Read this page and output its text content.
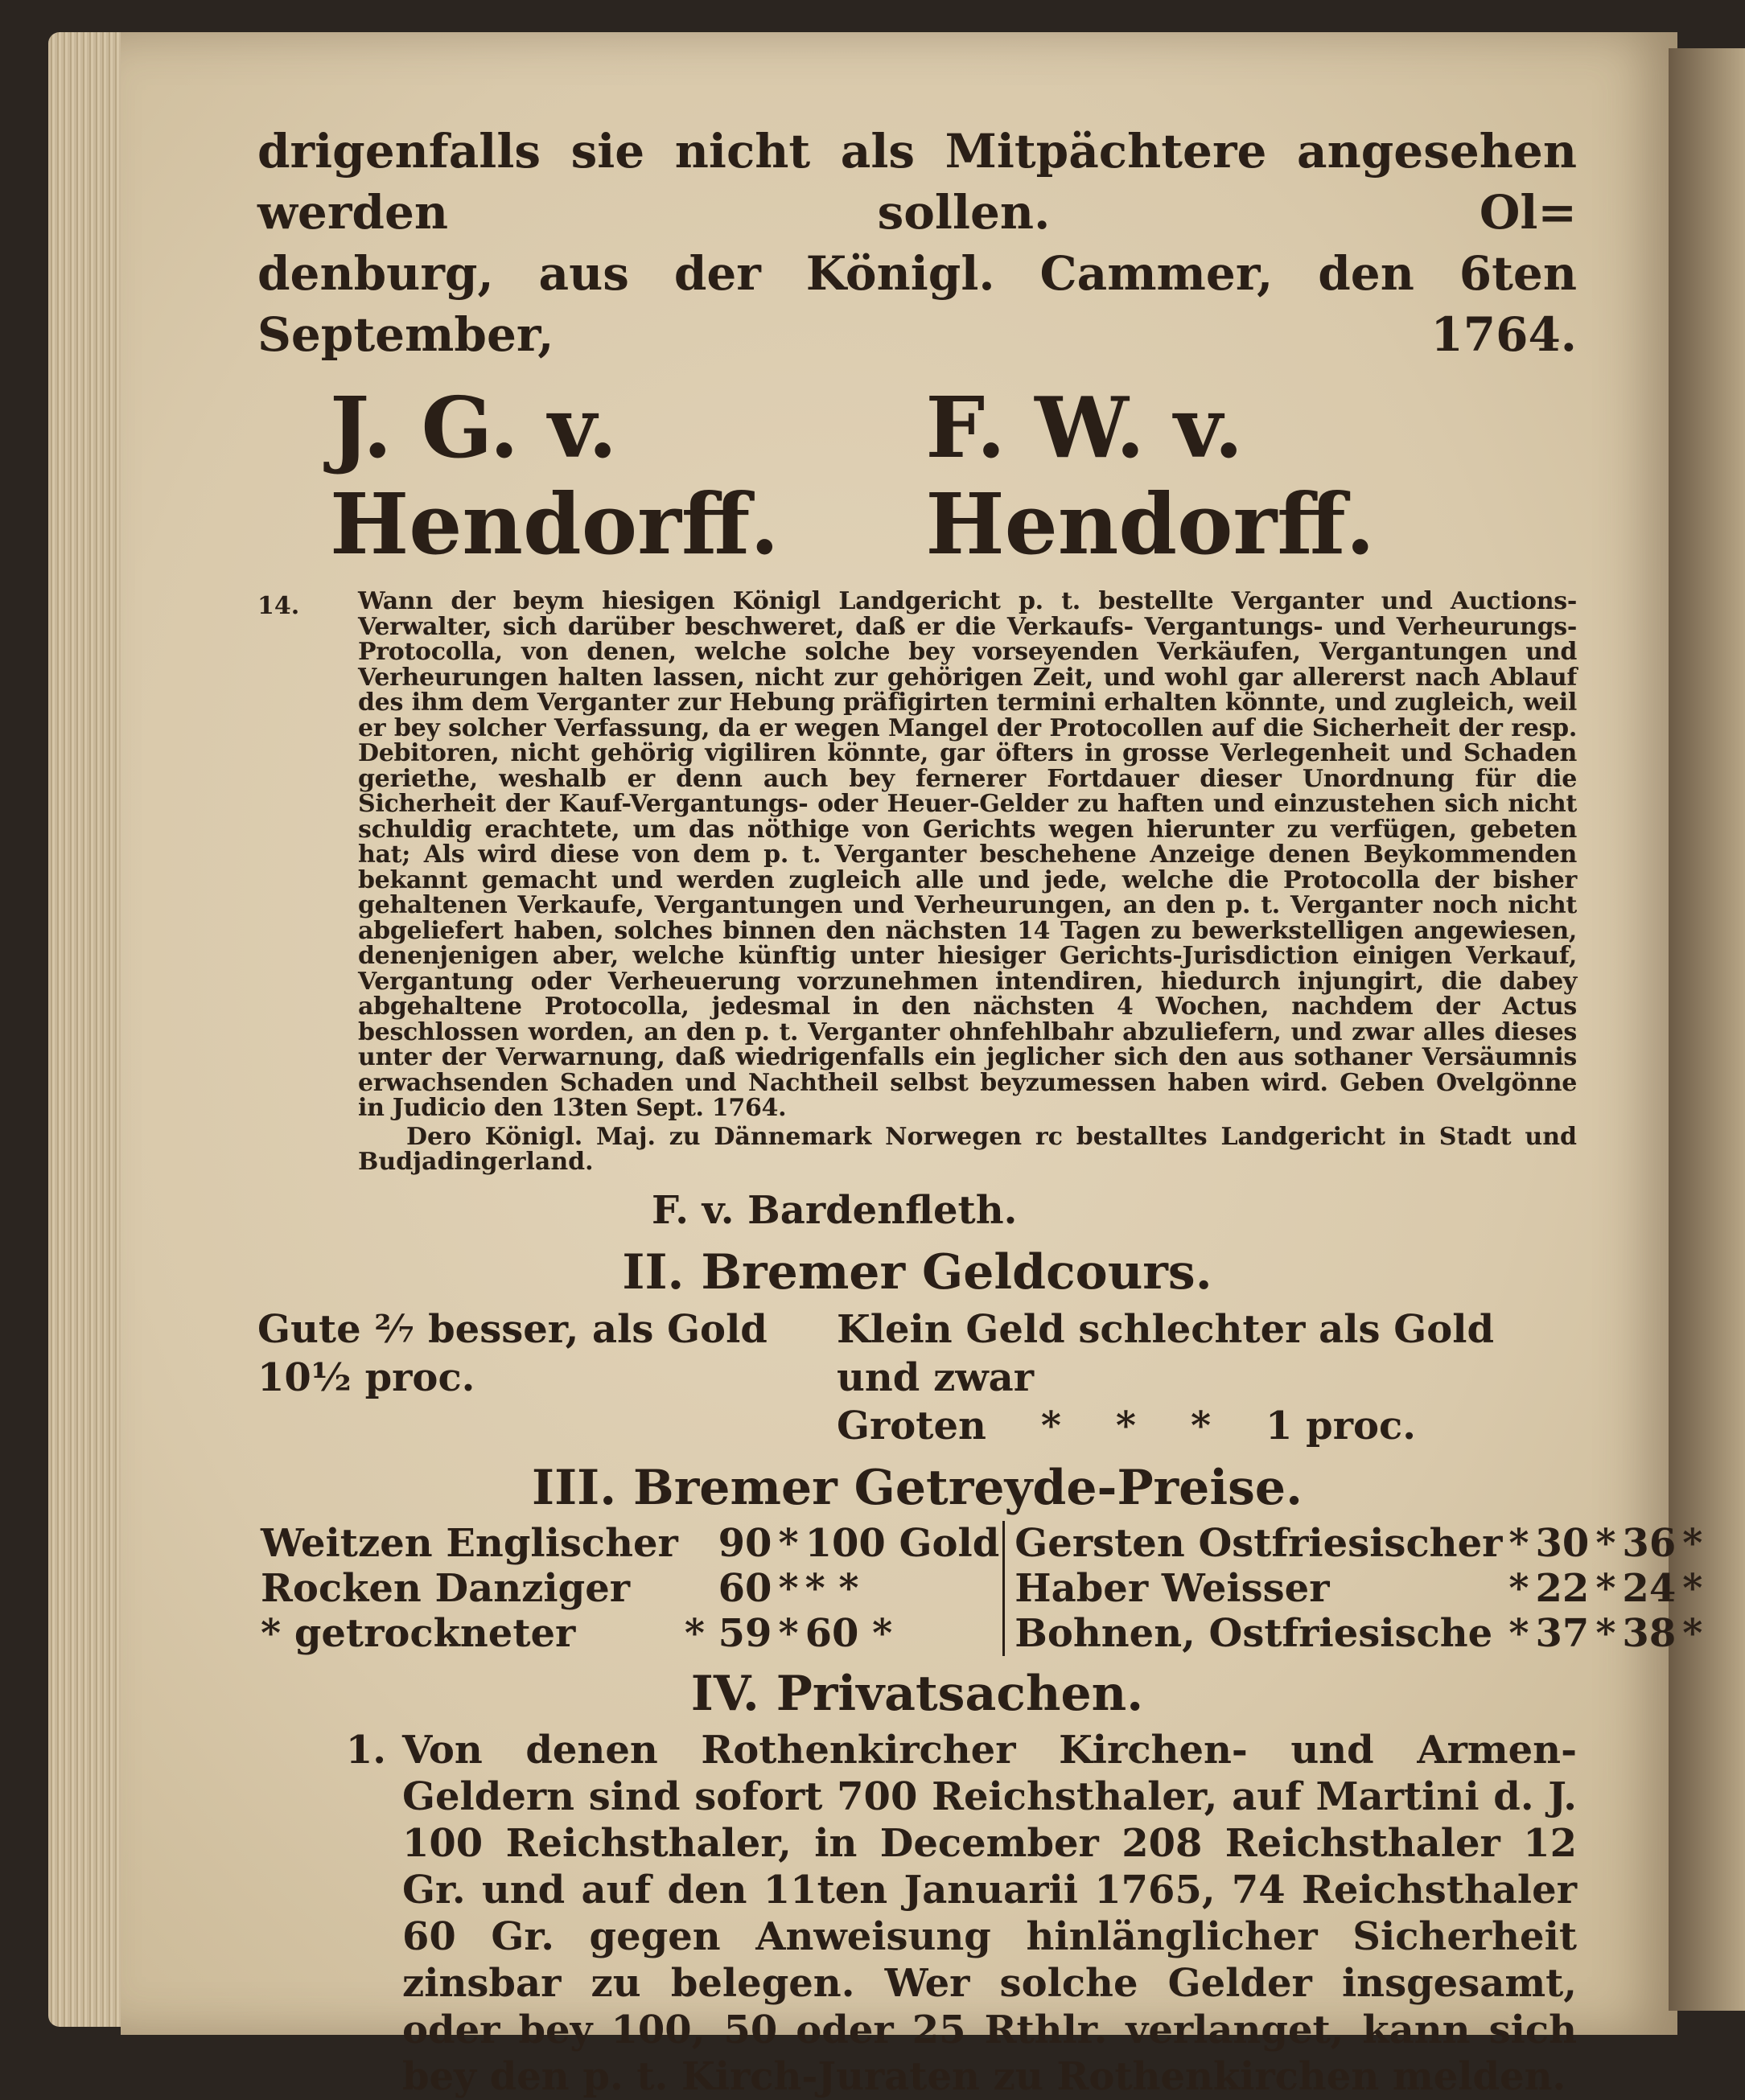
drigenfalls sie nicht als Mitpächtere angesehen werden sollen. Ol=

denburg, aus der Königl. Cammer, den 6ten September, 1764.

J. G. v. Hendorff.
F. W. v. Hendorff.
14.	Wann der beym hiesigen Königl Landgericht p. t. bestellte Verganter und Auctions-Verwalter, sich darüber beschweret, daß er die Verkaufs- Vergantungs- und Verheurungs-Protocolla, von denen, welche solche bey vorseyenden Verkäufen, Vergantungen und Verheurungen halten lassen, nicht zur gehörigen Zeit, und wohl gar allererst nach Ablauf des ihm dem Verganter zur Hebung präfigirten termini erhalten könnte, und zugleich, weil er bey solcher Verfassung, da er wegen Mangel der Protocollen auf die Sicherheit der resp. Debitoren, nicht gehörig vigiliren könnte, gar öfters in grosse Verlegenheit und Schaden geriethe, weshalb er denn auch bey fernerer Fortdauer dieser Unordnung für die Sicherheit der Kauf-Vergantungs- oder Heuer-Gelder zu haften und einzustehen sich nicht schuldig erachtete, um das nöthige von Gerichts wegen hierunter zu verfügen, gebeten hat; Als wird diese von dem p. t. Verganter beschehene Anzeige denen Beykommenden bekannt gemacht und werden zugleich alle und jede, welche die Protocolla der bisher gehaltenen Verkaufe, Vergantungen und Verheurungen, an den p. t. Verganter noch nicht abgeliefert haben, solches binnen den nächsten 14 Tagen zu bewerkstelligen angewiesen, denenjenigen aber, welche künftig unter hiesiger Gerichts-Jurisdiction einigen Verkauf, Vergantung oder Verheuerung vorzunehmen intendiren, hiedurch injungirt, die dabey abgehaltene Protocolla, jedesmal in den nächsten 4 Wochen, nachdem der Actus beschlossen worden, an den p. t. Verganter ohnfehlbahr abzuliefern, und zwar alles dieses unter der Verwarnung, daß wiedrigenfalls ein jeglicher sich den aus sothaner Versäumnis erwachsenden Schaden und Nachtheil selbst beyzumessen haben wird. Geben Ovelgönne in Judicio den 13ten Sept. 1764.

Dero Königl. Maj. zu Dännemark Norwegen rc bestalltes Landgericht in Stadt und Budjadingerland.
F. v. Bardenfleth.
II. Bremer Geldcours.
Gute ²⁄₇ besser, als Gold 10½ proc.
Klein Geld schlechter als Gold und zwar
Groten * * * 1 proc.
III. Bremer Getreyde-Preise.
Weitzen Englischer	90	*	100 Gold		Gersten Ostfriesischer	*	30	*	36	*
Rocken Danziger	60	*	* *		Haber Weisser	*	22	*	24	*
* getrockneter	* 59	*	60 *		Bohnen, Ostfriesische	*	37	*	38	*
IV. Privatsachen.
1. Von denen Rothenkircher Kirchen- und Armen-Geldern sind sofort 700 Reichsthaler, auf Martini d. J. 100 Reichsthaler, in December 208 Reichsthaler 12 Gr. und auf den 11ten Januarii 1765, 74 Reichsthaler 60 Gr. gegen Anweisung hinlänglicher Sicherheit zinsbar zu belegen. Wer solche Gelder insgesamt, oder bey 100, 50 oder 25 Rthlr. verlanget, kann sich bey den p. t. Kirch-Juraten zu Rothenkirchen melden.
